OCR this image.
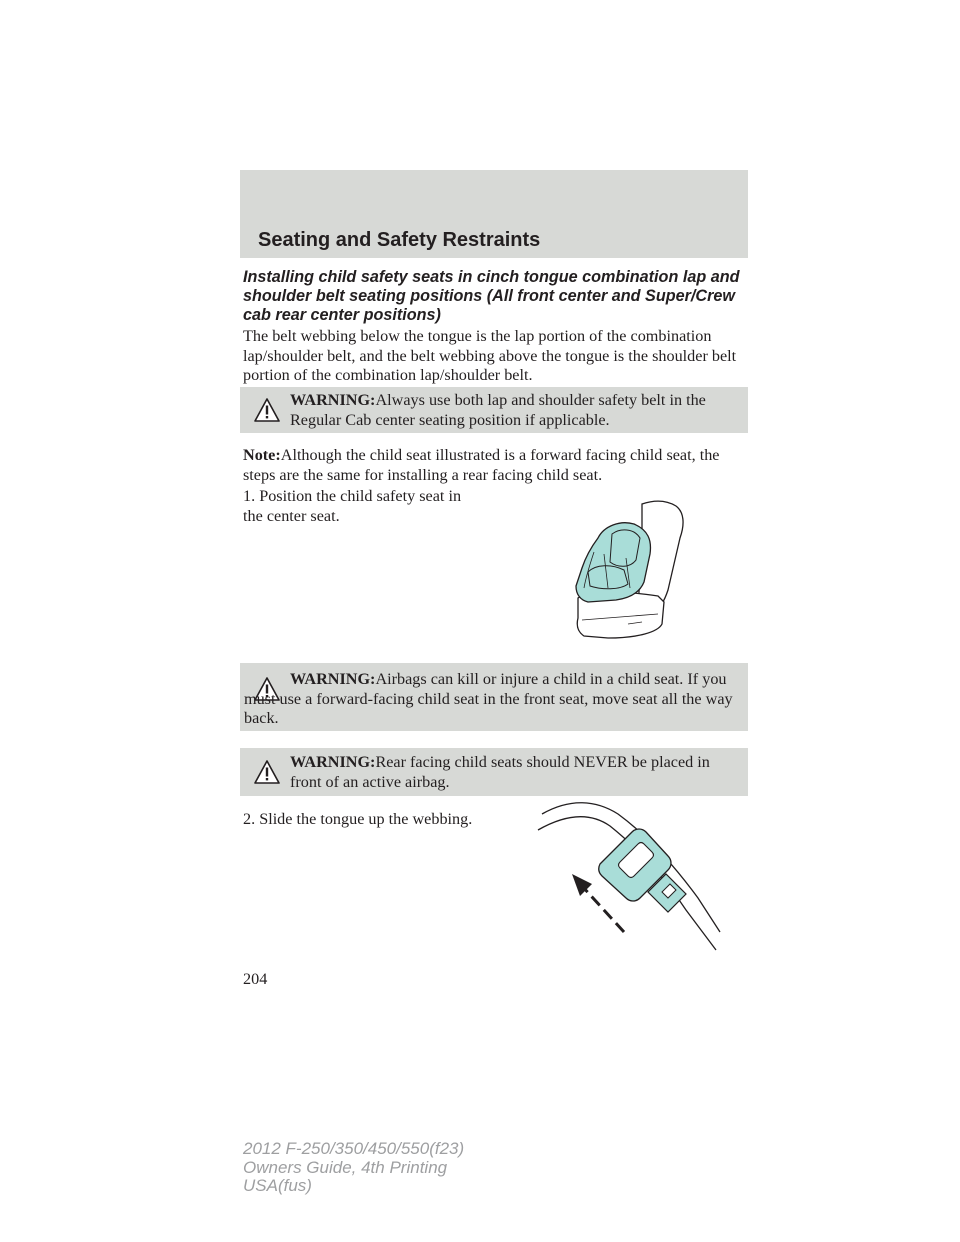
Seating and Safety Restraints
Installing child safety seats in cinch tongue combination lap and shoulder belt seating positions (All front center and Super/Crew cab rear center positions)
The belt webbing below the tongue is the lap portion of the combination lap/shoulder belt, and the belt webbing above the tongue is the shoulder belt portion of the combination lap/shoulder belt.
WARNING:Always use both lap and shoulder safety belt in the Regular Cab center seating position if applicable.
Note:Although the child seat illustrated is a forward facing child seat, the steps are the same for installing a rear facing child seat.
1. Position the child safety seat in the center seat.
WARNING:Airbags can kill or injure a child in a child seat. If you must use a forward-facing child seat in the front seat, move seat all the way back.
WARNING:Rear facing child seats should NEVER be placed in front of an active airbag.
2. Slide the tongue up the webbing.
204
2012 F-250/350/450/550(f23)
Owners Guide, 4th Printing
USA(fus)
